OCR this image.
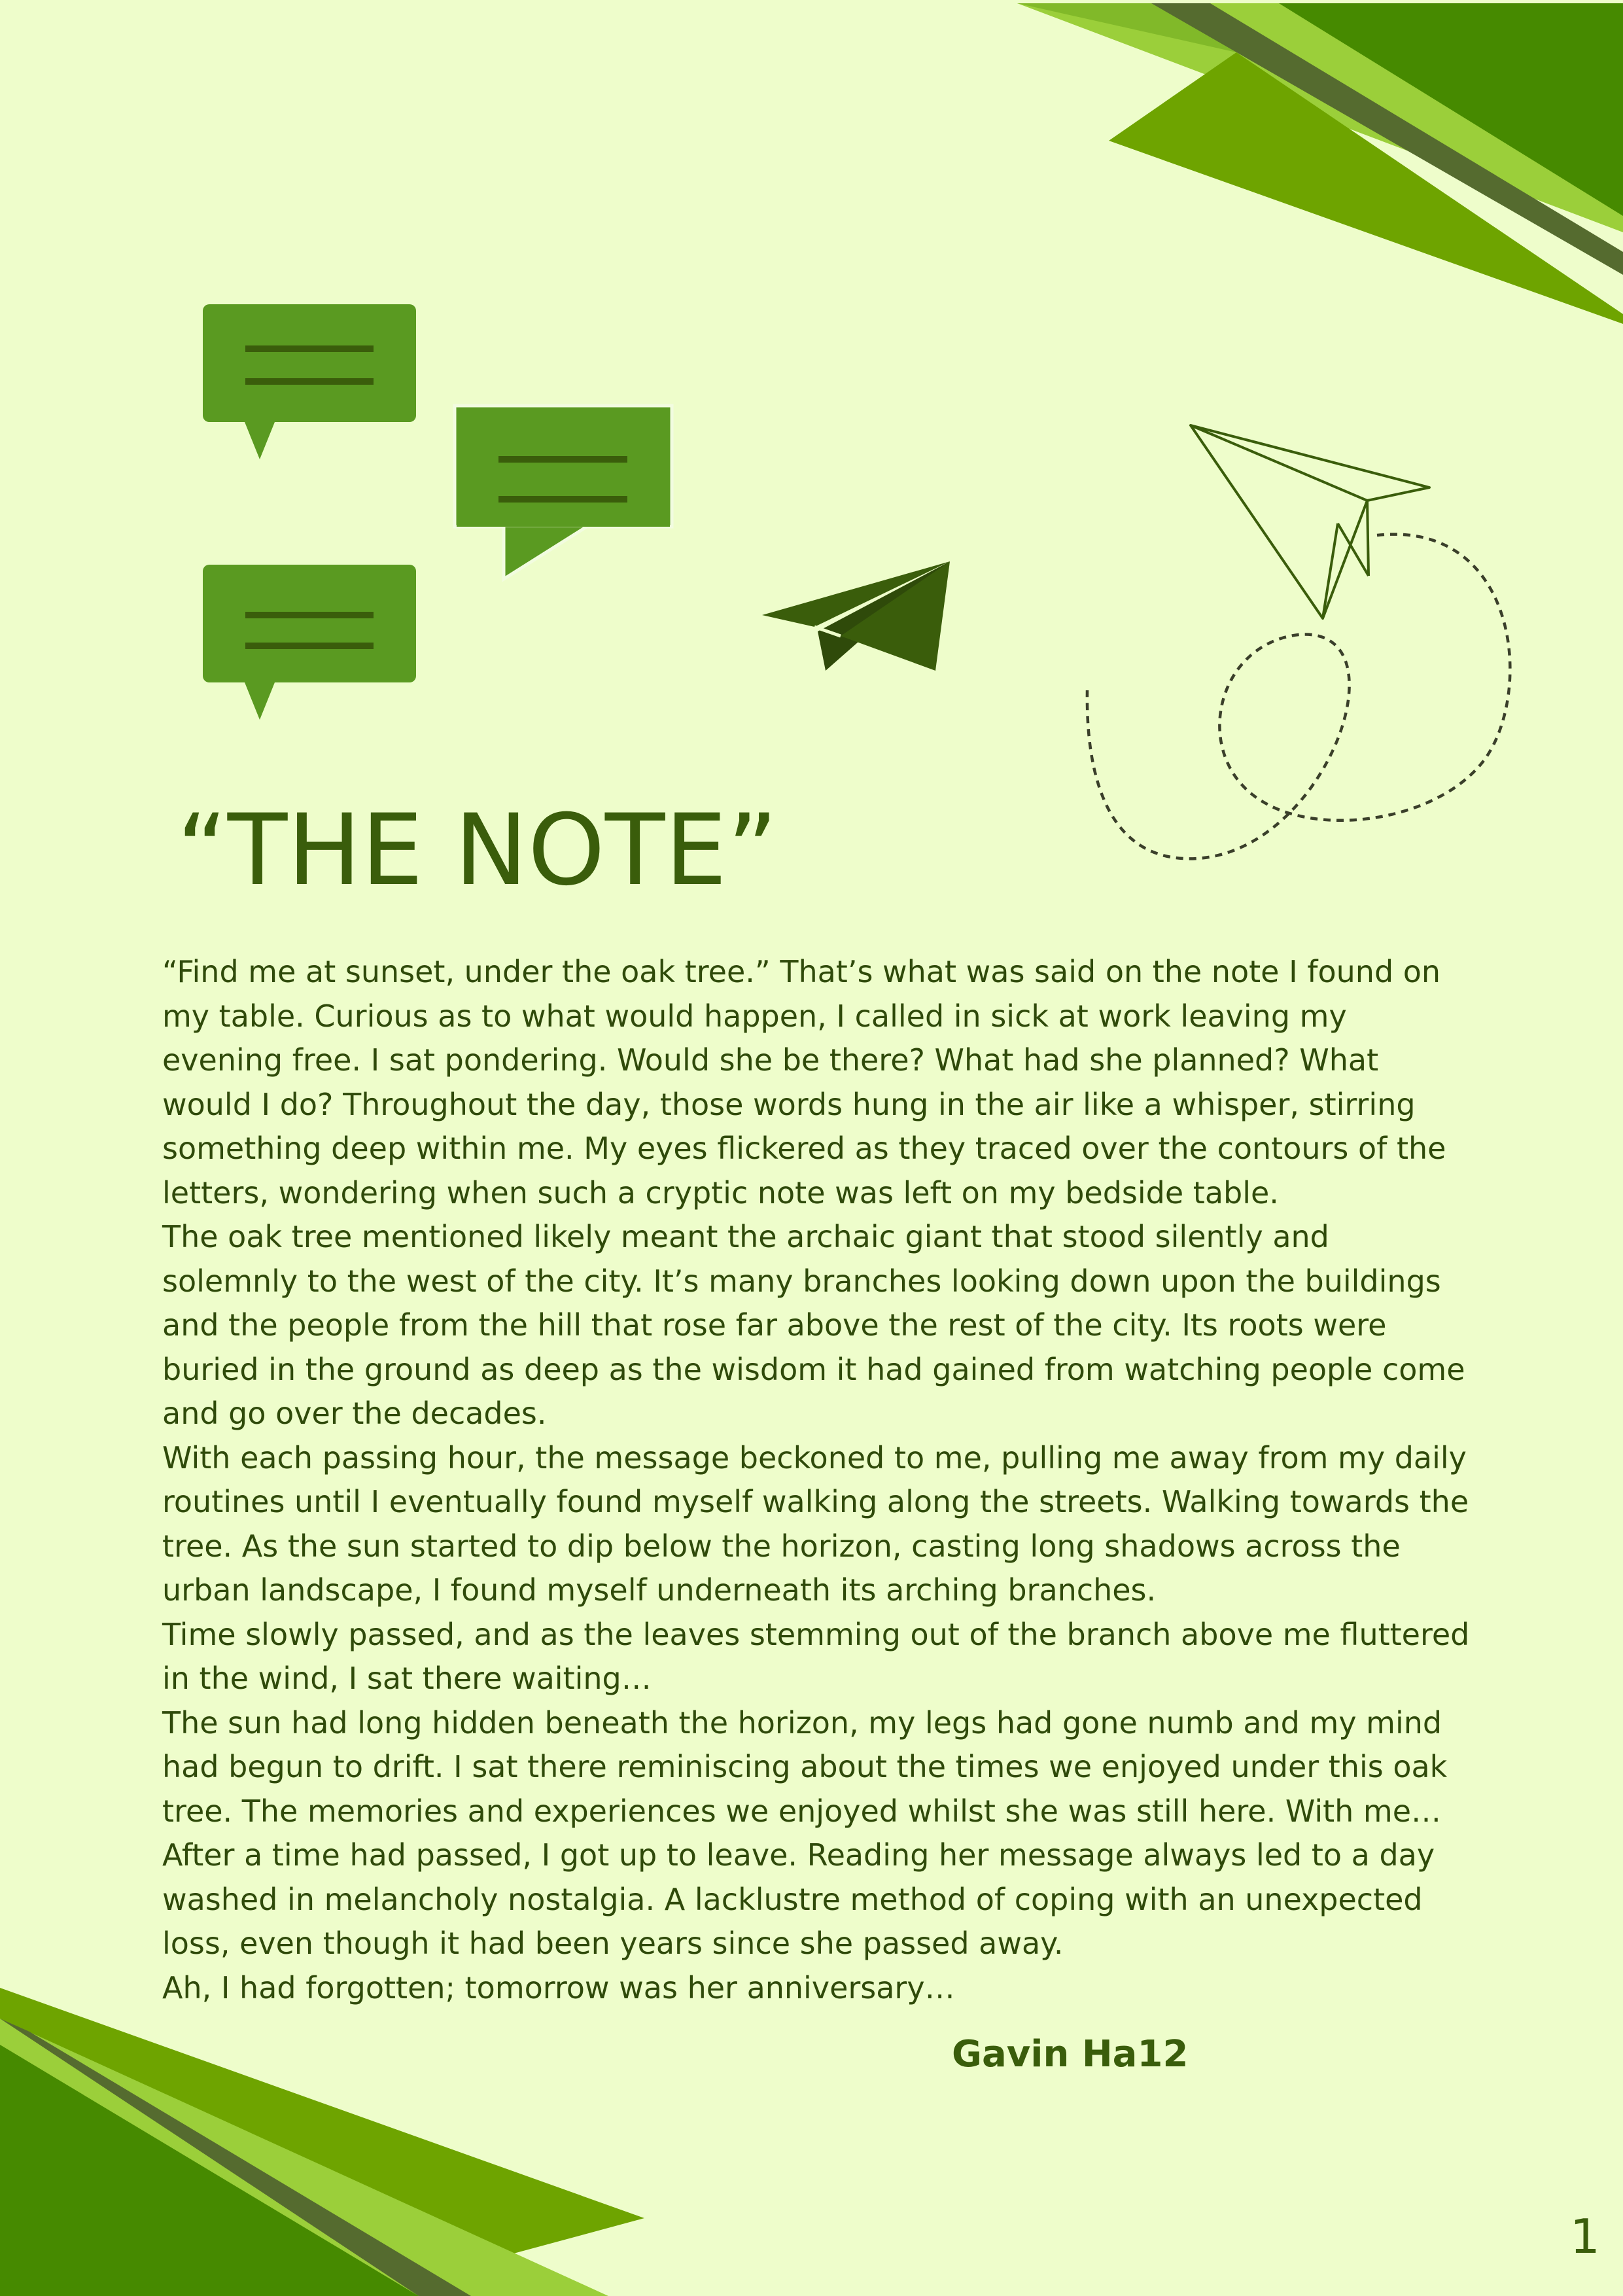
“THE NOTE”

“Find me at sunset, under the oak tree.” That’s what was said on the note I found on my table. Curious as to what would happen, I called in sick at work leaving my evening free. I sat pondering. Would she be there? What had she planned? What would I do? Throughout the day, those words hung in the air like a whisper, stirring something deep within me. My eyes flickered as they traced over the contours of the letters, wondering when such a cryptic note was left on my bedside table.

The oak tree mentioned likely meant the archaic giant that stood silently and solemnly to the west of the city. It’s many branches looking down upon the buildings and the people from the hill that rose far above the rest of the city. Its roots were buried in the ground as deep as the wisdom it had gained from watching people come and go over the decades.

With each passing hour, the message beckoned to me, pulling me away from my daily routines until I eventually found myself walking along the streets. Walking towards the tree. As the sun started to dip below the horizon, casting long shadows across the urban landscape, I found myself underneath its arching branches.

Time slowly passed, and as the leaves stemming out of the branch above me fluttered in the wind, I sat there waiting…

The sun had long hidden beneath the horizon, my legs had gone numb and my mind had begun to drift. I sat there reminiscing about the times we enjoyed under this oak tree. The memories and experiences we enjoyed whilst she was still here. With me…

After a time had passed, I got up to leave. Reading her message always led to a day washed in melancholy nostalgia. A lacklustre method of coping with an unexpected loss, even though it had been years since she passed away.

Ah, I had forgotten; tomorrow was her anniversary…

Gavin Ha12
1
